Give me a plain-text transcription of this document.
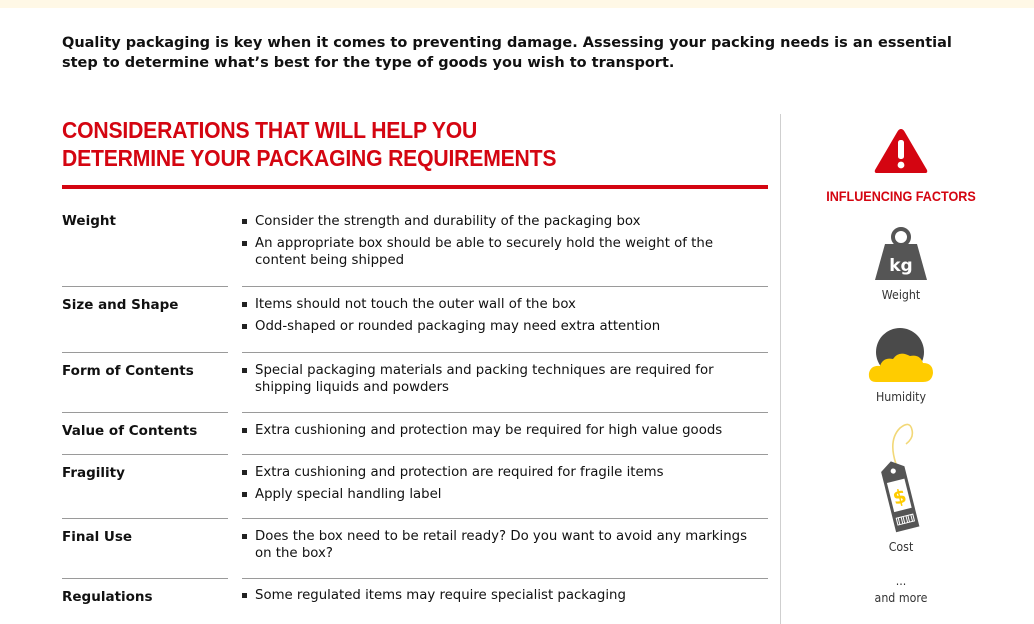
Quality packaging is key when it comes to preventing damage. Assessing your packing needs is an essential step to determine what’s best for the type of goods you wish to transport.

CONSIDERATIONS THAT WILL HELP YOU
DETERMINE YOUR PACKAGING REQUIREMENTS
Weight	Consider the strength and durability of the packaging box
An appropriate box should be able to securely hold the weight of the content being shipped
Size and Shape	Items should not touch the outer wall of the box
Odd-shaped or rounded packaging may need extra attention
Form of Contents	Special packaging materials and packing techniques are required for shipping liquids and powders
Value of Contents	Extra cushioning and protection may be required for high value goods
Fragility	Extra cushioning and protection are required for fragile items
Apply special handling label
Final Use	Does the box need to be retail ready? Do you want to avoid any markings on the box?
Regulations	Some regulated items may require specialist packaging
INFLUENCING FACTORS
kg
Weight
Humidity
$
Cost
...
and more
